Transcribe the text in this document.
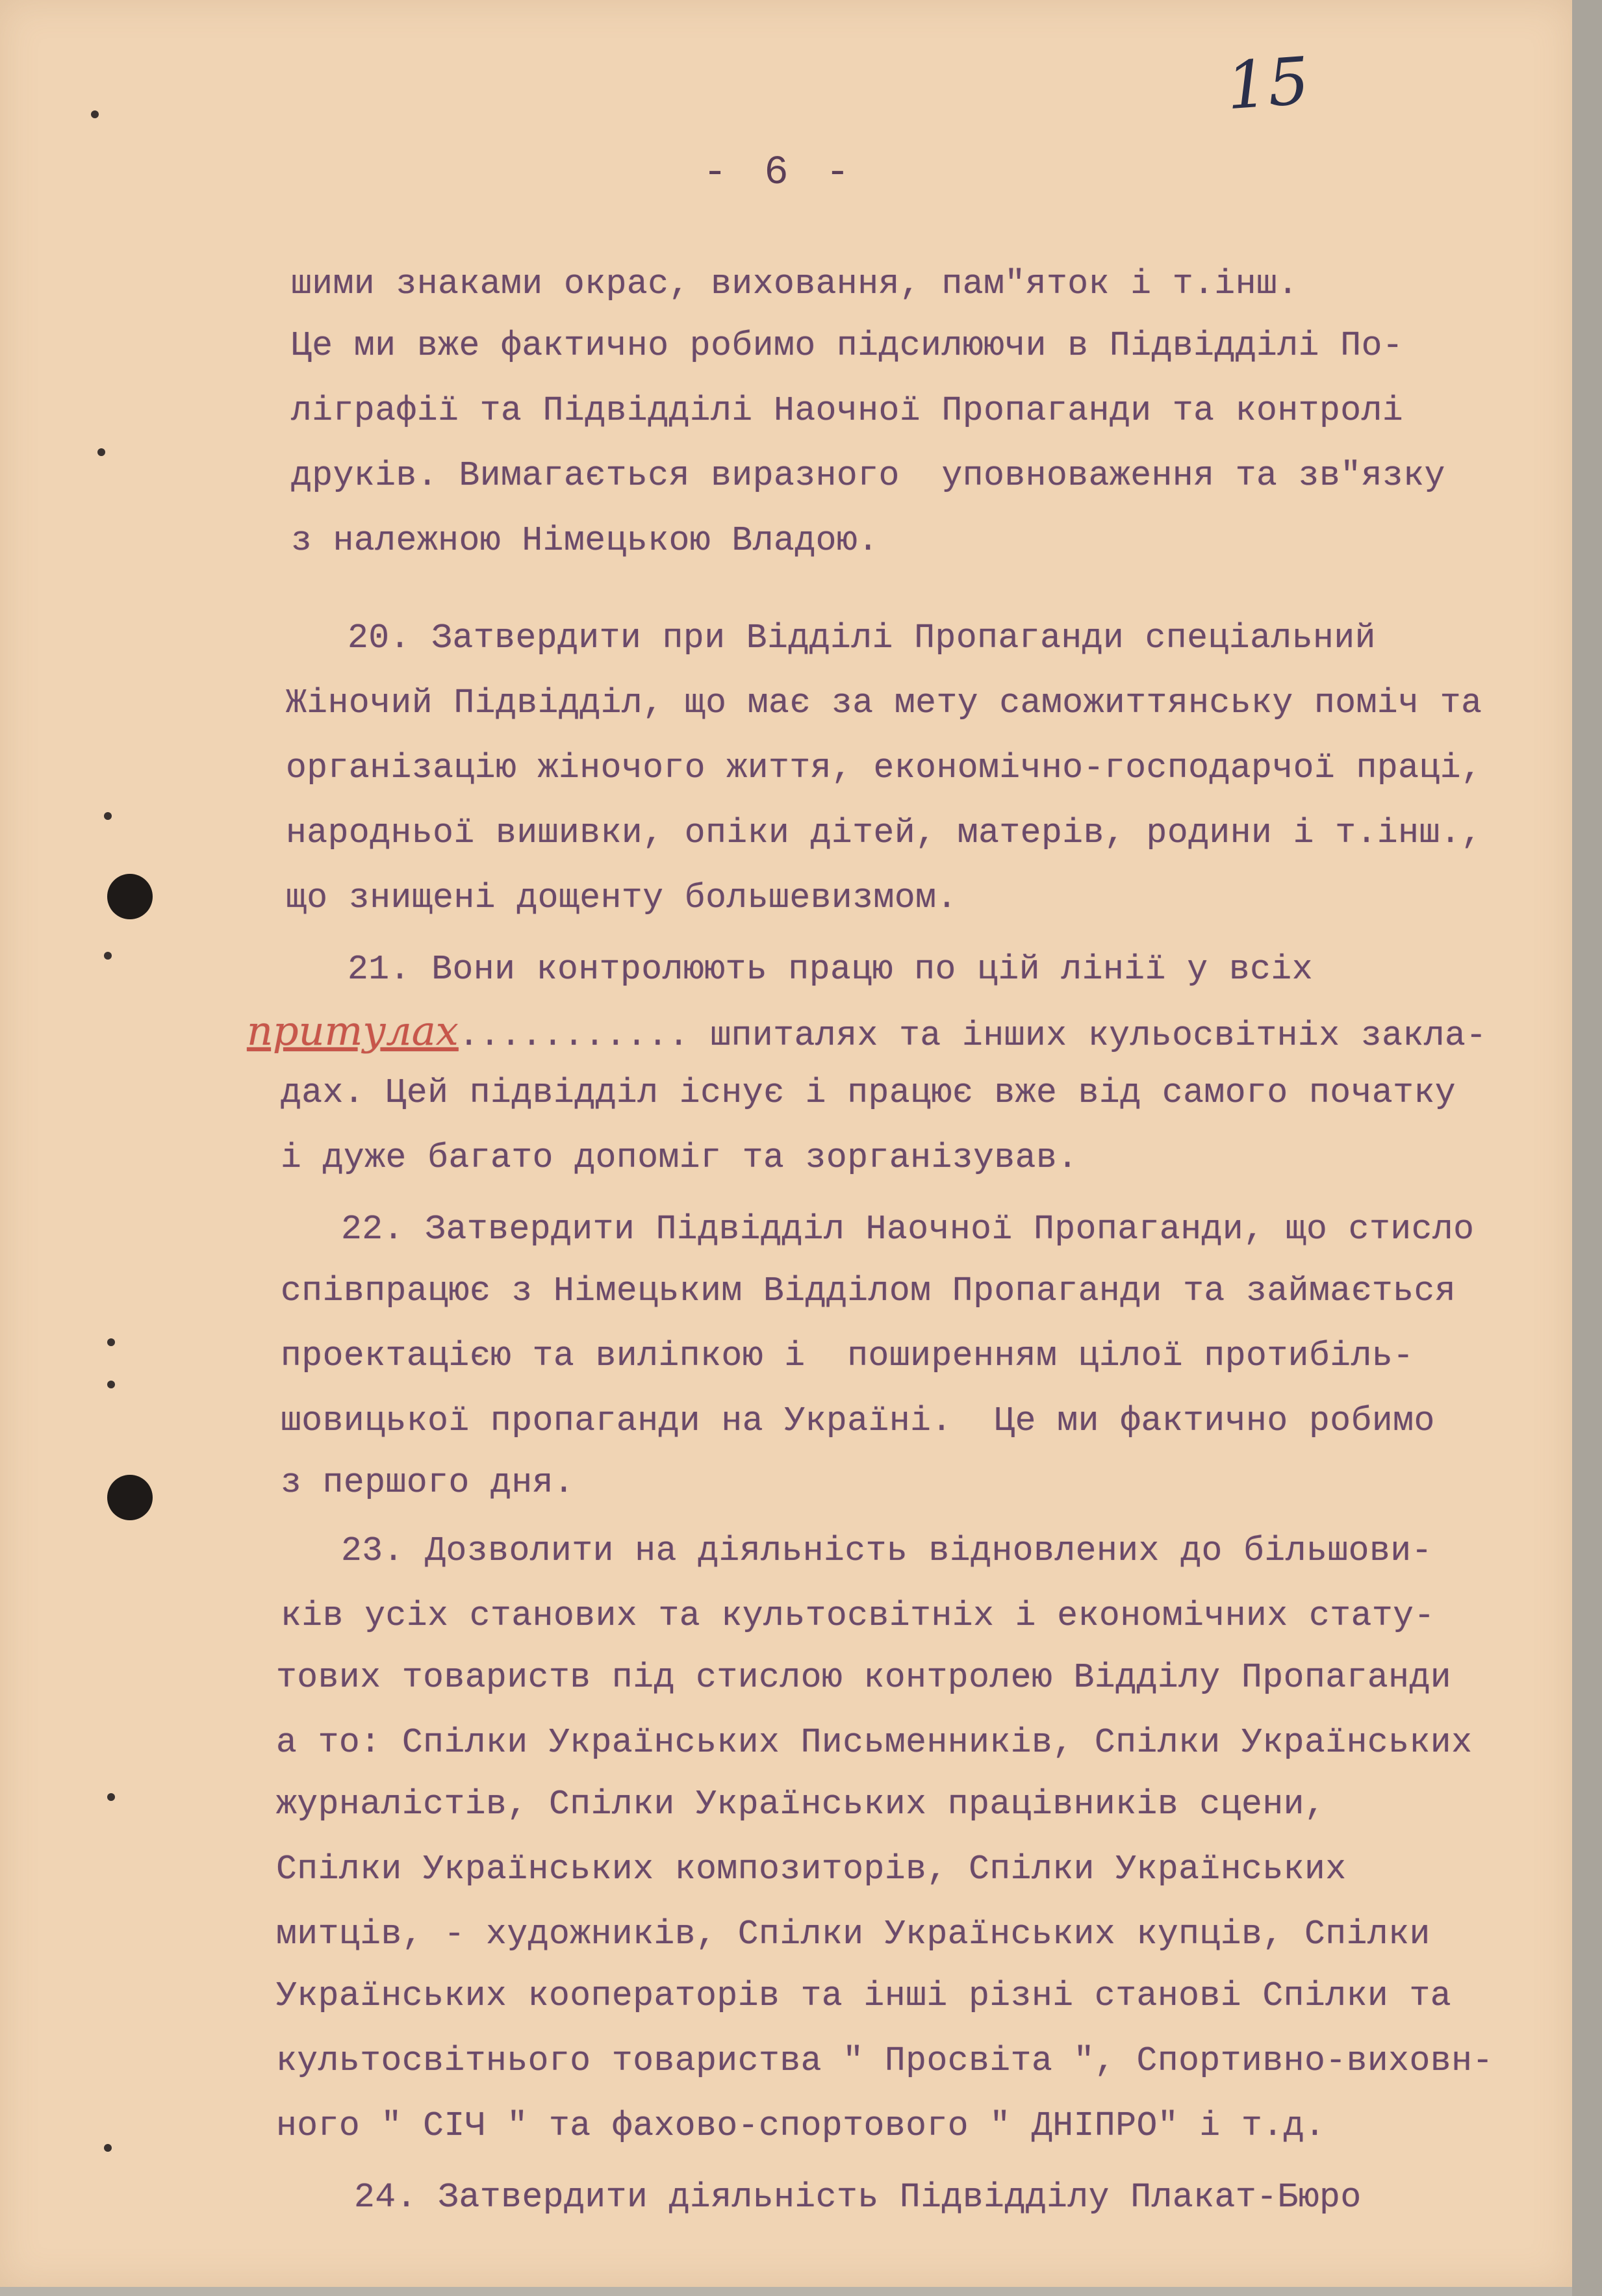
15
- 6 -
шими знаками окрас, виховання, пам"яток і т.інш.
Це ми вже фактично робимо підсилюючи в Підвідділі По-
ліграфії та Підвідділі Наочної Пропаганди та контролі
друків. Вимагається виразного  уповноваження та зв"язку
з належною Німецькою Владою.
20. Затвердити при Відділі Пропаганди спеціальний
Жіночий Підвідділ, що має за мету саможиттянську поміч та
організацію жіночого життя, економічно-господарчої праці,
народньої вишивки, опіки дітей, матерів, родини і т.інш.,
що знищені дощенту большевизмом.
21. Вони контролюють працю по цій лінії у всіх
притулах........... шпиталях та інших кульосвітніх закла-
дах. Цей підвідділ існує і працює вже від самого початку
і дуже багато допоміг та зорганізував.
22. Затвердити Підвідділ Наочної Пропаганди, що стисло
співпрацює з Німецьким Відділом Пропаганди та займається
проектацією та виліпкою і  поширенням цілої протибіль-
шовицької пропаганди на Україні.  Це ми фактично робимо
з першого дня.
23. Дозволити на діяльність відновлених до більшови-
ків усіх станових та культосвітніх і економічних стату-
тових товариств під стислою контролею Відділу Пропаганди
а то: Спілки Українських Письменників, Спілки Українських
журналістів, Спілки Українських працівників сцени,
Спілки Українських композиторів, Спілки Українських
митців, - художників, Спілки Українських купців, Спілки
Українських кооператорів та інші різні станові Спілки та
культосвітнього товариства " Просвіта ", Спортивно-виховн-
ного " СІЧ " та фахово-спортового " ДНІПРО" і т.д.
24. Затвердити діяльність Підвідділу Плакат-Бюро
